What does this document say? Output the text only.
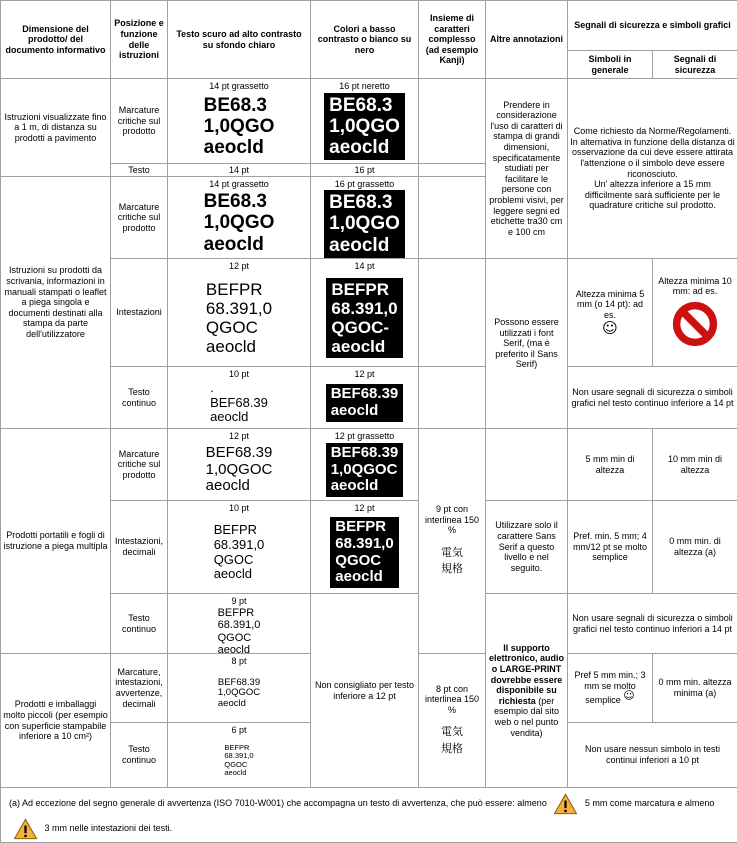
(a) Ad eccezione del segno generale di avvertenza (ISO 7010-W001) che accompagna un testo di avvertenza, che può essere: almeno	5 mm come marcatura e almeno
3 mm nelle intestazioni dei testi.
Dimensione del prodotto/ del documento informativo
Posizione e funzione delle istruzioni
Testo scuro ad alto contrasto su sfondo chiaro
Colori a basso contrasto o bianco su nero
Insieme di caratteri complesso (ad esempio Kanji)
Altre annotazioni
Segnali di sicurezza e simboli grafici
Simboli in generale
Segnali di sicurezza
Istruzioni visualizzate fino a 1 m, di distanza su prodotti a pavimento
Istruzioni su prodotti da scrivania, informazioni in manuali stampati o leaflet a piega singola e documenti destinati alla stampa da parte dell'utilizzatore
Prodotti portatili e fogli di istruzione a piega multipla
Prodotti e imballaggi molto piccoli (per esempio con superficie stampabile inferiore a 10 cm²)
Marcature critiche sul prodotto
Testo
Marcature critiche sul prodotto
Intestazioni
Testo continuo
Marcature critiche sul prodotto
Intestazioni, decimali
Testo continuo
Marcature, intestazioni, avvertenze, decimali
Testo continuo
14 pt grassetto
BE68.3
1,0QGO
aeocld
14 pt
14 pt grassetto
BE68.3
1,0QGO
aeocld
12 pt
BEFPR
68.391,0
QGOC
aeocld
10 pt
.
BEF68.39
aeocld
12 pt
BEF68.39
1,0QGOC
aeocld
10 pt
BEFPR
68.391,0
QGOC
aeocld
9 pt
BEFPR
68.391,0
QGOC
aeocld
8 pt
BEF68.39
1,0QGOC
aeocld
6 pt
BEFPR
68.391,0
QGOC
aeocld
16 pt neretto
BE68.3
1,0QGO
aeocld
16 pt
16 pt grassetto
BE68.3
1,0QGO
aeocld
14 pt
BEFPR
68.391,0
QGOC-
aeocld
12 pt
BEF68.39
aeocld
12 pt grassetto
BEF68.39
1,0QGOC
aeocld
12 pt
BEFPR
68.391,0
QGOC
aeocld
Non consigliato per testo inferiore a 12 pt
9 pt con interlinea 150 %
電気
規格
8 pt con interlinea 150 %
電気
規格
Prendere in considerazione l'uso di caratteri di stampa di grandi dimensioni, specificatamente studiati per facilitare le persone con problemi visivi, per leggere segni ed etichette tra30 cm e 100 cm
Possono essere utilizzati i font Serif, (ma è preferito il Sans Serif)
Utilizzare solo il carattere Sans Serif a questo livello e nel seguito.
Il supporto elettronico, audio o LARGE-PRINT dovrebbe essere disponibile su richiesta (per esempio dal sito web o nel punto vendita)
Come richiesto da Norme/Regolamenti. In alternativa in funzione della distanza di osservazione da cui deve essere attirata l'attenzione o il simbolo deve essere riconosciuto.
Un' altezza inferiore a 15 mm difficilmente sarà sufficiente per le quadrature critiche sul prodotto.
Altezza minima 5 mm (o 14 pt): ad es.
☺
Altezza minima 10 mm: ad es.
Non usare segnali di sicurezza o simboli grafici nel testo continuo inferiore a 14 pt
5 mm min di altezza
10 mm min di altezza
Pref. min. 5 mm; 4 mm/12 pt se molto semplice
0 mm min. di altezza (a)
Non usare segnali di sicurezza o simboli grafici nel testo continuo inferiori a 14 pt
Pref 5 mm min.; 3 mm se molto semplice ☺
0 mm min. altezza minima (a)
Non usare nessun simbolo in testi continui inferiori a 10 pt
